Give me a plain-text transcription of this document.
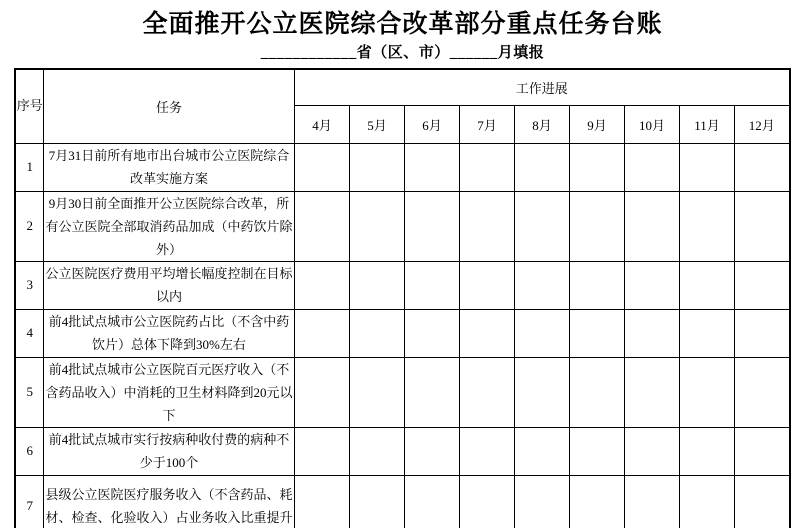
全面推开公立医院综合改革部分重点任务台账
____________省（区、市）______月填报
序号	任务	工作进展								
		4月	5月	6月	7月	8月	9月	10月	11月	12月
1	7月31日前所有地市出台城市公立医院综合改革实施方案									
2	9月30日前全面推开公立医院综合改革，所有公立医院全部取消药品加成（中药饮片除外）									
3	公立医院医疗费用平均增长幅度控制在目标以内									
4	前4批试点城市公立医院药占比（不含中药饮片）总体下降到30%左右									
5	前4批试点城市公立医院百元医疗收入（不含药品收入）中消耗的卫生材料降到20元以下									
6	前4批试点城市实行按病种收付费的病种不少于100个									
7	县级公立医院医疗服务收入（不含药品、耗材、检查、化验收入）占业务收入比重提升									
